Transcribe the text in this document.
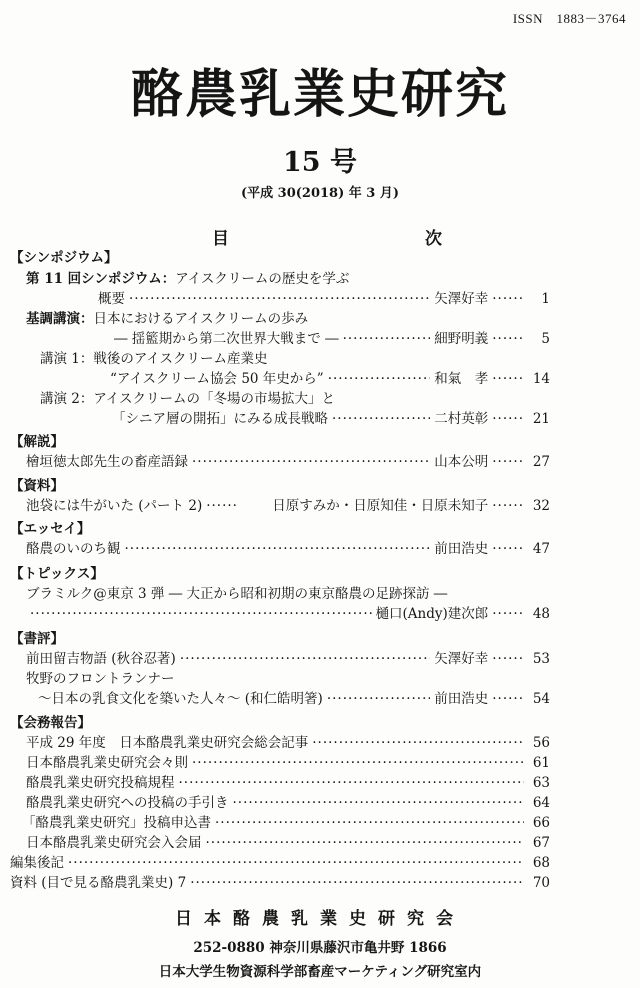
ISSN　1883－3764
酪農乳業史研究
15 号
(平成 30(2018) 年 3 月)
目　　次
【シンポジウム】
第 11 回シンポジウム： アイスクリームの歴史を学ぶ
概要 ·····	矢澤好幸 ······	1
基調講演： 日本におけるアイスクリームの歩み
― 揺籃期から第二次世界大戦まで ― ·····	細野明義 ······	5
講演 1：戦後のアイスクリーム産業史
“アイスクリーム協会 50 年史から” ·····	和氣　孝 ······	14
講演 2：アイスクリームの「冬場の市場拡大」と
「シニア層の開拓」にみる成長戦略 ·····	二村英彰 ······	21
【解説】
檜垣徳太郎先生の畜産語録 ·····	山本公明 ······	27
【資料】
池袋には牛がいた (パート 2) ······	日原すみか・日原知佳・日原未知子 ······	32
【エッセイ】
酪農のいのち観 ·····	前田浩史 ······	47
【トピックス】
ブラミルク@東京 3 弾 ― 大正から昭和初期の東京酪農の足跡探訪 ―
·····
樋口(Andy)建次郎 ······	48
【書評】
前田留吉物語 (秋谷忍著) ·····	矢澤好幸 ······	53
牧野のフロントランナー
～日本の乳食文化を築いた人々～ (和仁皓明箸) ·····	前田浩史 ······	54
【会務報告】
平成 29 年度　日本酪農乳業史研究会総会記事 ·····	56
日本酪農乳業史研究会々則 ·····	61
酪農乳業史研究投稿規程 ·····	63
酪農乳業史研究への投稿の手引き ·····	64
「酪農乳業史研究」投稿申込書 ·····	66
日本酪農乳業史研究会入会届 ·····	67
編集後記 ·····	68
資料 (目で見る酪農乳業史) 7 ·····	70
日本酪農乳業史研究会
252-0880 神奈川県藤沢市亀井野 1866
日本大学生物資源科学部畜産マーケティング研究室内
